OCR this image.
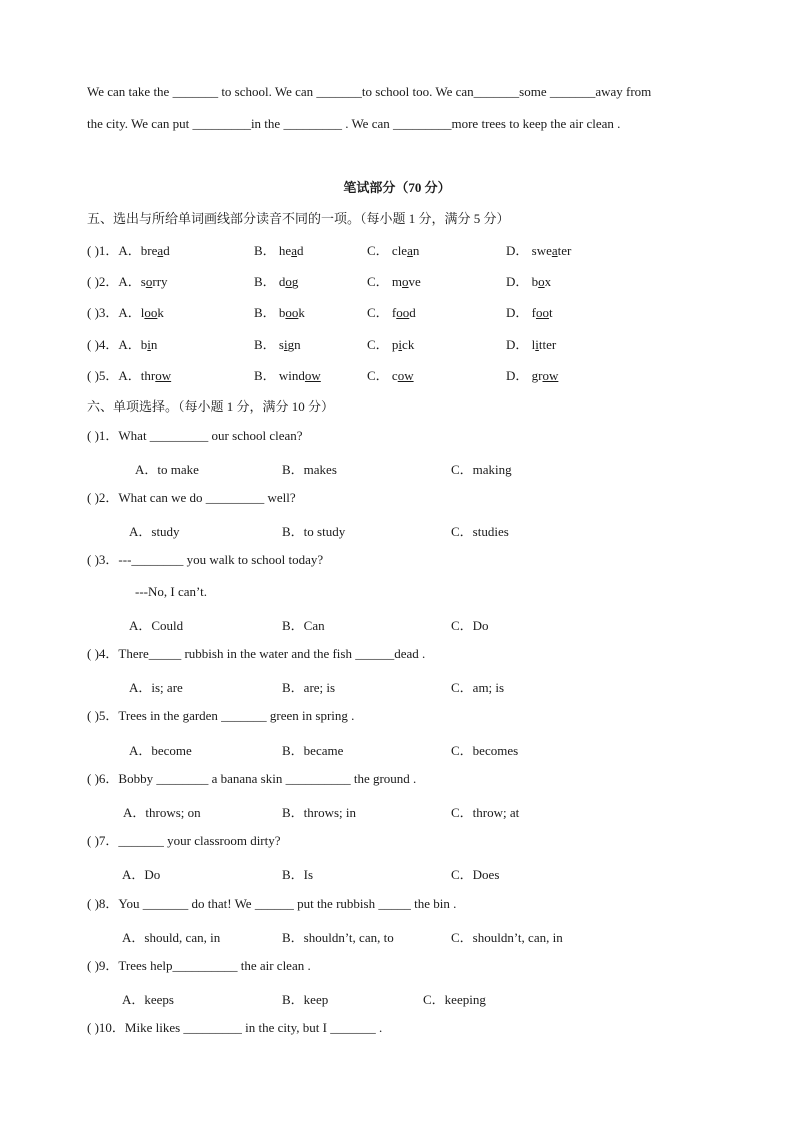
We can take the _______ to school. We can _______to school too. We can_______some _______away from
the city. We can put _________in the _________ . We can _________more trees to keep the air clean .
笔试部分（70 分）
五、选出与所给单词画线部分读音不同的一项。（每小题 1 分，满分 5 分）
( )1．A．bread	B． head	C． clean	D． sweater
( )2．A．sorry	B． dog	C． move	D． box
( )3．A．look	B． book	C． food	D． foot
( )4．A．bin	B． sign	C． pick	D． litter
( )5．A．throw	B． window	C． cow	D． grow
六、单项选择。（每小题 1 分，满分 10 分）
( )1．What _________ our school clean?
A．to make	B．makes	C．making
( )2．What can we do _________ well?
A．study	B．to study	C．studies
( )3．---________ you walk to school today?
---No, I can’t.
A．Could	B．Can	C．Do
( )4．There_____ rubbish in the water and the fish ______dead .
A．is; are	B．are; is	C．am; is
( )5．Trees in the garden _______ green in spring .
A．become	B．became	C．becomes
( )6．Bobby ________ a banana skin __________ the ground .
A．throws; on	B．throws; in	C．throw; at
( )7．_______ your classroom dirty?
A．Do	B．Is	C．Does
( )8．You _______ do that! We ______ put the rubbish _____ the bin .
A．should, can, in	B．shouldn’t, can, to	C．shouldn’t, can, in
( )9．Trees help__________ the air clean .
A．keeps	B．keep	C．keeping
( )10．Mike likes _________ in the city, but I _______ .
